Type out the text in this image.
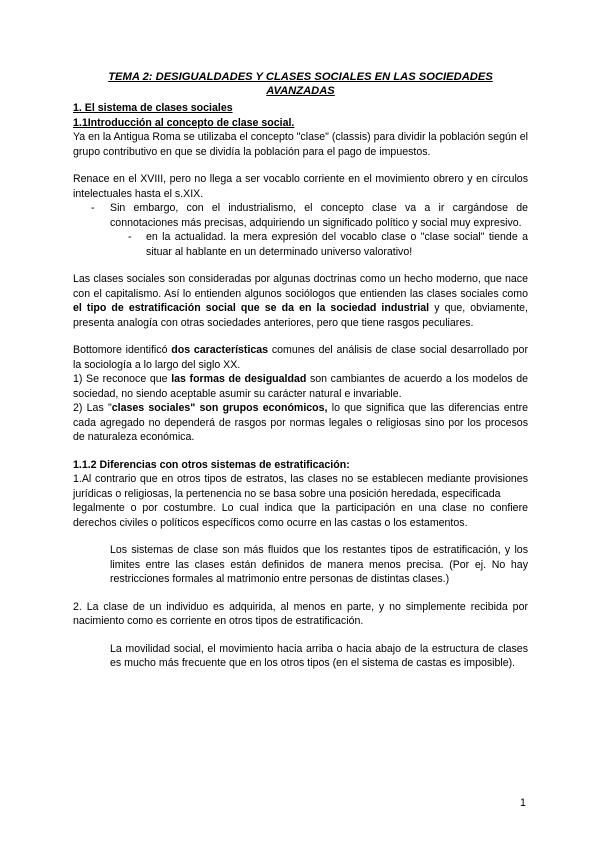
TEMA 2: DESIGUALDADES Y CLASES SOCIALES EN LAS SOCIEDADES AVANZADAS
1. El sistema de clases sociales
1.1Introducción al concepto de clase social.

Ya en la Antigua Roma se utilizaba el concepto "clase" (classis) para dividir la población según el grupo contributivo en que se dividía la población para el pago de impuestos.

Renace en el XVIII, pero no llega a ser vocablo corriente en el movimiento obrero y en círculos intelectuales hasta el s.XIX.

- Sin embargo, con el industrialismo, el concepto clase va a ir cargándose de connotaciones más precisas, adquiriendo un significado político y social muy expresivo.
- en la actualidad. la mera expresión del vocablo clase o "clase social" tiende a situar al hablante en un determinado universo valorativo!

Las clases sociales son consideradas por algunas doctrinas como un hecho moderno, que nace con el capitalismo. Así lo entienden algunos sociólogos que entienden las clases sociales como el tipo de estratificación social que se da en la sociedad industrial y que, obviamente, presenta analogía con otras sociedades anteriores, pero que tiene rasgos peculiares.

Bottomore identificó dos características comunes del análisis de clase social desarrollado por la sociología a lo largo del siglo XX.

1) Se reconoce que las formas de desigualdad son cambiantes de acuerdo a los modelos de sociedad, no siendo aceptable asumir su carácter natural e invariable.

2) Las "clases sociales" son grupos económicos, lo que significa que las diferencias entre cada agregado no dependerá de rasgos por normas legales o religiosas sino por los procesos de naturaleza económica.

1.1.2 Diferencias con otros sistemas de estratificación:

1.Al contrario que en otros tipos de estratos, las clases no se establecen mediante provisiones jurídicas o religiosas, la pertenencia no se basa sobre una posición heredada, especificada

legalmente o por costumbre. Lo cual indica que la participación en una clase no confiere derechos civiles o políticos específicos como ocurre en las castas o los estamentos.

Los sistemas de clase son más fluidos que los restantes tipos de estratificación, y los limites entre las clases están definidos de manera menos precisa. (Por ej. No hay restricciones formales al matrimonio entre personas de distintas clases.)

2. La clase de un individuo es adquirida, al menos en parte, y no simplemente recibida por nacimiento como es corriente en otros tipos de estratificación.

La movilidad social, el movimiento hacia arriba o hacia abajo de la estructura de clases es mucho más frecuente que en los otros tipos (en el sistema de castas es imposible).
1
